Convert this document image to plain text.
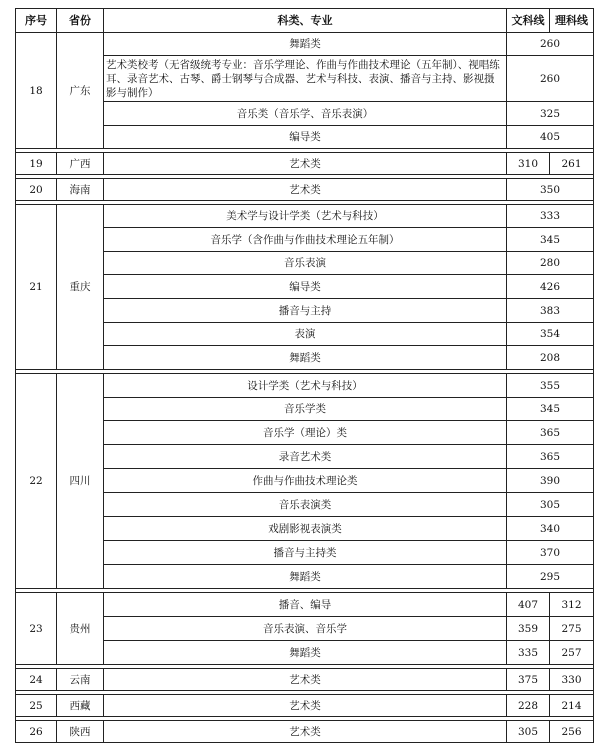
序号	省份	科类、专业	文科线	理科线
18	广东	舞蹈类	260	
		艺术类校考（无省级统考专业：音乐学理论、作曲与作曲技术理论（五年制）、视唱练耳、录音艺术、古琴、爵士钢琴与合成器、艺术与科技、表演、播音与主持、影视摄影与制作）	260	
		音乐类（音乐学、音乐表演）	325	
		编导类	405	

19	广西	艺术类	310	261

20	海南	艺术类	350	

21	重庆	美术学与设计学类（艺术与科技）	333	
		音乐学（含作曲与作曲技术理论五年制）	345	
		音乐表演	280	
		编导类	426	
		播音与主持	383	
		表演	354	
		舞蹈类	208	

22	四川	设计学类（艺术与科技）	355	
		音乐学类	345	
		音乐学（理论）类	365	
		录音艺术类	365	
		作曲与作曲技术理论类	390	
		音乐表演类	305	
		戏剧影视表演类	340	
		播音与主持类	370	
		舞蹈类	295	

23	贵州	播音、编导	407	312
		音乐表演、音乐学	359	275
		舞蹈类	335	257

24	云南	艺术类	375	330

25	西藏	艺术类	228	214

26	陕西	艺术类	305	256
